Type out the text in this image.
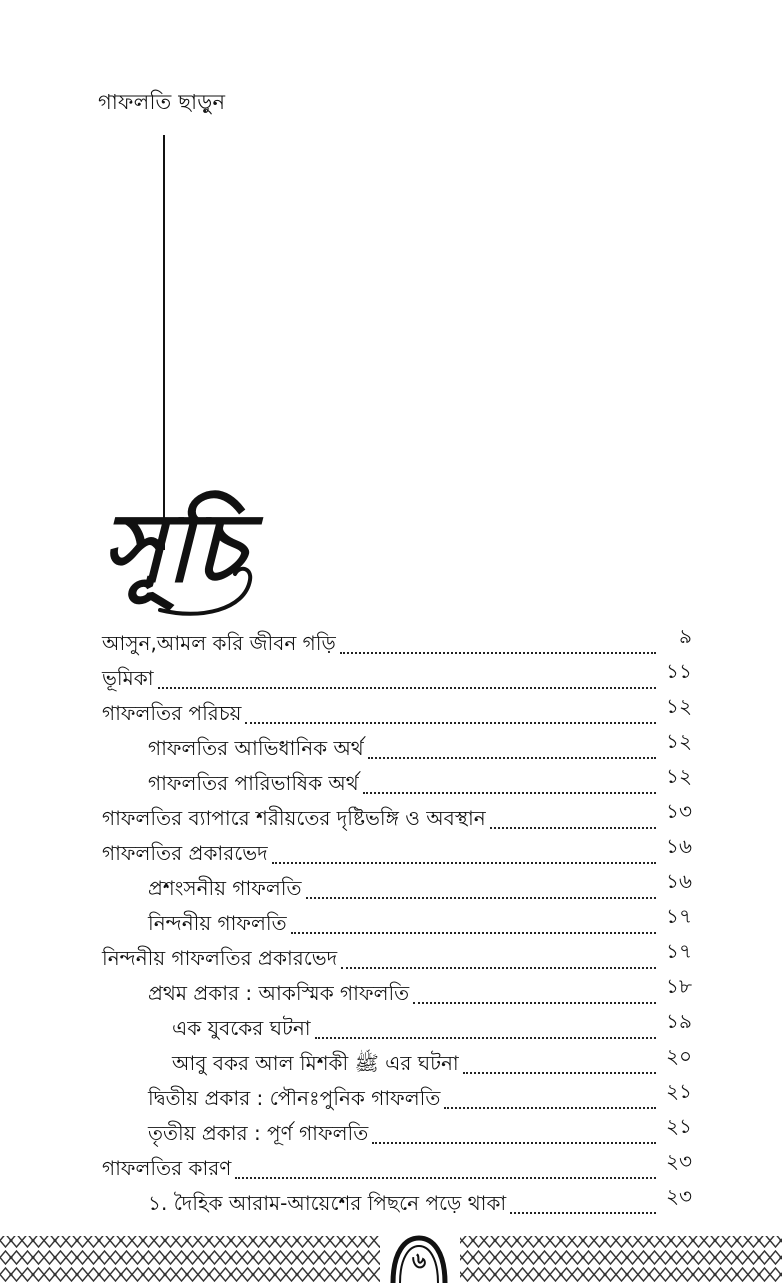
গাফলতি ছাড়ুন
সূচি
আসুন,আমল করি জীবন গড়ি	৯
ভূমিকা	১১
গাফলতির পরিচয়	১২
গাফলতির আভিধানিক অর্থ	১২
গাফলতির পারিভাষিক অর্থ	১২
গাফলতির ব্যাপারে শরীয়তের দৃষ্টিভঙ্গি ও অবস্থান	১৩
গাফলতির প্রকারভেদ	১৬
প্রশংসনীয় গাফলতি	১৬
নিন্দনীয় গাফলতি	১৭
নিন্দনীয় গাফলতির প্রকারভেদ	১৭
প্রথম প্রকার : আকস্মিক গাফলতি	১৮
এক যুবকের ঘটনা	১৯
আবু বকর আল মিশকী ﷺ এর ঘটনা	২০
দ্বিতীয় প্রকার : পৌনঃপুনিক গাফলতি	২১
তৃতীয় প্রকার : পূর্ণ গাফলতি	২১
গাফলতির কারণ	২৩
১. দৈহিক আরাম-আয়েশের পিছনে পড়ে থাকা	২৩
৬
